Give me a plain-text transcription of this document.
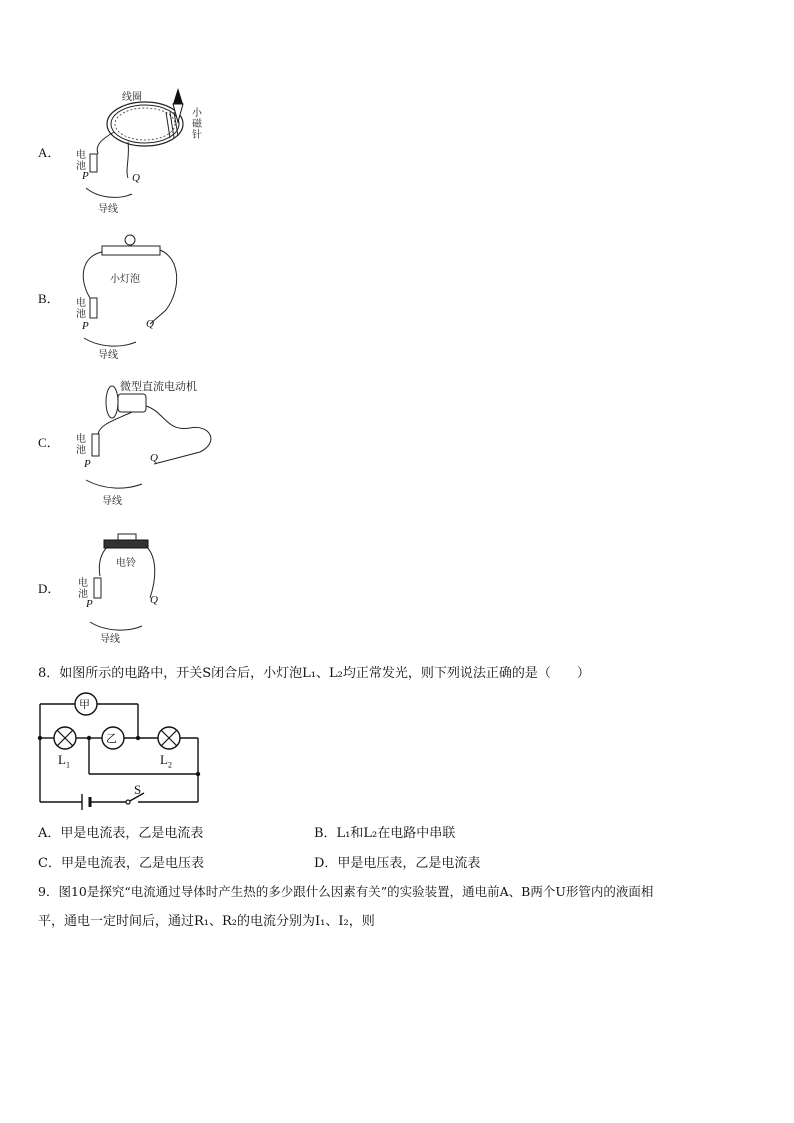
A．
线圈
小磁针
电池
P	Q
导线
B．
小灯泡
电池
P	Q
导线
C．
微型直流电动机
电池
P	Q
导线
D．
电铃
电池
P	Q
导线
8．如图所示的电路中，开关S闭合后，小灯泡L₁、L₂均正常发光，则下列说法正确的是（　　）
甲
乙
$L_1$	$L_2$
S
A．甲是电流表，乙是电流表	B．L₁和L₂在电路中串联
C．甲是电流表，乙是电压表	D．甲是电压表，乙是电流表
9．图10是探究“电流通过导体时产生热的多少跟什么因素有关”的实验装置，通电前A、B两个U形管内的液面相
平，通电一定时间后，通过R₁、R₂的电流分别为I₁、I₂，则
